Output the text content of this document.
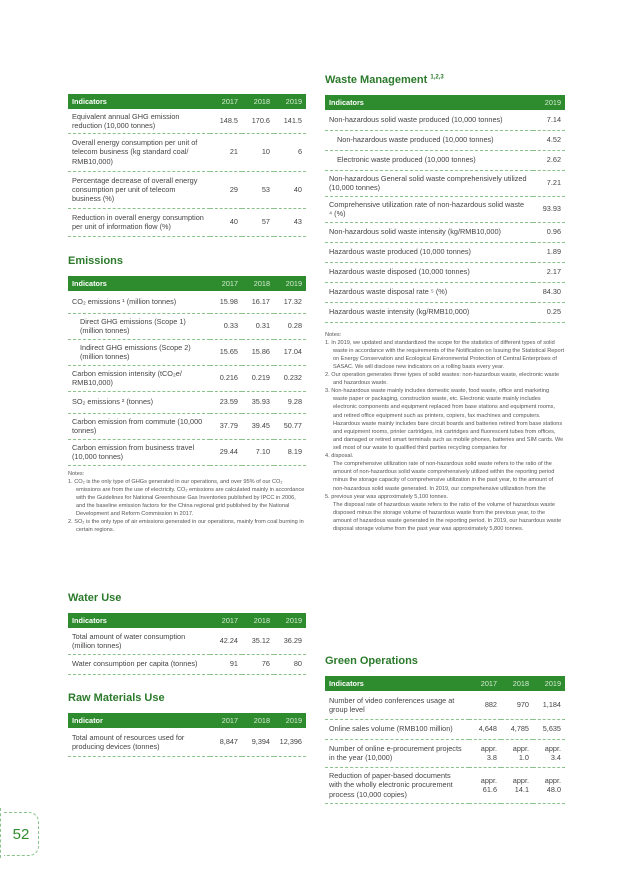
Indicators	2017	2018	2019
Equivalent annual GHG emission reduction (10,000 tonnes)	148.5	170.6	141.5
Overall energy consumption per unit of telecom business (kg standard coal/ RMB10,000)	21	10	6
Percentage decrease of overall energy consumption per unit of telecom business (%)	29	53	40
Reduction in overall energy consumption per unit of information flow (%)	40	57	43
Emissions
Indicators	2017	2018	2019
CO₂ emissions ¹ (million tonnes)	15.98	16.17	17.32
Direct GHG emissions (Scope 1) (million tonnes)	0.33	0.31	0.28
Indirect GHG emissions (Scope 2) (million tonnes)	15.65	15.86	17.04
Carbon emission intensity (tCO₂e/ RMB10,000)	0.216	0.219	0.232
SO₂ emissions ² (tonnes)	23.59	35.93	9.28
Carbon emission from commute (10,000 tonnes)	37.79	39.45	50.77
Carbon emission from business travel (10,000 tonnes)	29.44	7.10	8.19

Notes:

1. CO₂ is the only type of GHGs generated in our operations, and over 95% of our CO₂ emissions are from the use of electricity. CO₂ emissions are calculated mainly in accordance with the Guidelines for National Greenhouse Gas Inventories published by IPCC in 2006, and the baseline emission factors for the China regional grid published by the National Development and Reform Commission in 2017.

2. SO₂ is the only type of air emissions generated in our operations, mainly from coal burning in certain regions.

Water Use
Indicators	2017	2018	2019
Total amount of water consumption (million tonnes)	42.24	35.12	36.29
Water consumption per capita (tonnes)	91	76	80
Raw Materials Use
Indicator	2017	2018	2019
Total amount of resources used for producing devices (tonnes)	8,847	9,394	12,396
Waste Management $^{1,2,3}$
Indicators	2019
Non-hazardous solid waste produced (10,000 tonnes)	7.14
Non-hazardous waste produced (10,000 tonnes)	4.52
Electronic waste produced (10,000 tonnes)	2.62
Non-hazardous General solid waste comprehensively utilized (10,000 tonnes)	7.21
Comprehensive utilization rate of non-hazardous solid waste ⁴ (%)	93.93
Non-hazardous solid waste intensity (kg/RMB10,000)	0.96
Hazardous waste produced (10,000 tonnes)	1.89
Hazardous waste disposed (10,000 tonnes)	2.17
Hazardous waste disposal rate ⁵ (%)	84.30
Hazardous waste intensity (kg/RMB10,000)	0.25

Notes:

1. In 2019, we updated and standardized the scope for the statistics of different types of solid waste in accordance with the requirements of the Notification on Issuing the Statistical Report on Energy Conservation and Ecological Environmental Protection of Central Enterprises of SASAC. We will disclose new indicators on a rolling basis every year.

2. Our operation generates three types of solid wastes: non-hazardous waste, electronic waste and hazardous waste.

3. Non-hazardous waste mainly includes domestic waste, food waste, office and marketing waste paper or packaging, construction waste, etc. Electronic waste mainly includes electronic components and equipment replaced from base stations and equipment rooms, and retired office equipment such as printers, copiers, fax machines and computers. Hazardous waste mainly includes bare circuit boards and batteries retired from base stations and equipment rooms, printer cartridges, ink cartridges and fluorescent tubes from offices, and damaged or retired smart terminals such as mobile phones, batteries and SIM cards. We sell most of our waste to qualified third parties recycling companies for

4. disposal.

The comprehensive utilization rate of non-hazardous solid waste refers to the ratio of the amount of non-hazardous solid waste comprehensively utilized within the reporting period minus the storage capacity of comprehensive utilization in the past year, to the amount of non-hazardous solid waste generated. In 2019, our comprehensive utilization from the

5. previous year was approximately 5,100 tonnes.

The disposal rate of hazardous waste refers to the ratio of the volume of hazardous waste disposed minus the storage volume of hazardous waste from the previous year, to the amount of hazardous waste generated in the reporting period. In 2019, our hazardous waste disposal storage volume from the past year was approximately 5,800 tonnes.

Green Operations
Indicators	2017	2018	2019
Number of video conferences usage at group level	882	970	1,184
Online sales volume (RMB100 million)	4,648	4,785	5,635
Number of online e-procurement projects in the year (10,000)	appr. 3.8	appr. 1.0	appr. 3.4
Reduction of paper-based documents with the wholly electronic procurement process (10,000 copies)	appr. 61.6	appr. 14.1	appr. 48.0
52
